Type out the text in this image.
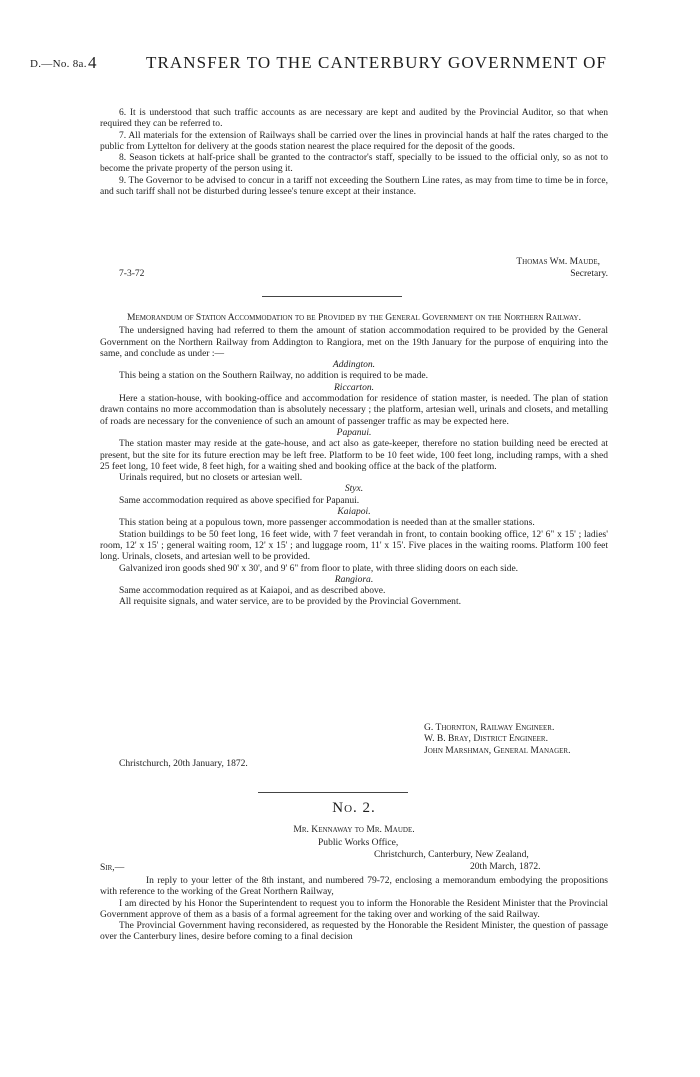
D.—No. 8a. 4	TRANSFER TO THE CANTERBURY GOVERNMENT OF

6. It is understood that such traffic accounts as are necessary are kept and audited by the Provincial Auditor, so that when required they can be referred to.

7. All materials for the extension of Railways shall be carried over the lines in provincial hands at half the rates charged to the public from Lyttelton for delivery at the goods station nearest the place required for the deposit of the goods.

8. Season tickets at half-price shall be granted to the contractor's staff, specially to be issued to the official only, so as not to become the private property of the person using it.

9. The Governor to be advised to concur in a tariff not exceeding the Southern Line rates, as may from time to time be in force, and such tariff shall not be disturbed during lessee's tenure except at their instance.

Thomas Wm. Maude,
7-3-72	Secretary.

Memorandum of Station Accommodation to be Provided by the General Government on the Northern Railway.

The undersigned having had referred to them the amount of station accommodation required to be provided by the General Government on the Northern Railway from Addington to Rangiora, met on the 19th January for the purpose of enquiring into the same, and conclude as under :—

Addington.

This being a station on the Southern Railway, no addition is required to be made.

Riccarton.

Here a station-house, with booking-office and accommodation for residence of station master, is needed. The plan of station drawn contains no more accommodation than is absolutely necessary ; the platform, artesian well, urinals and closets, and metalling of roads are necessary for the convenience of such an amount of passenger traffic as may be expected here.

Papanui.

The station master may reside at the gate-house, and act also as gate-keeper, therefore no station building need be erected at present, but the site for its future erection may be left free. Platform to be 10 feet wide, 100 feet long, including ramps, with a shed 25 feet long, 10 feet wide, 8 feet high, for a waiting shed and booking office at the back of the platform.

Urinals required, but no closets or artesian well.

Styx.

Same accommodation required as above specified for Papanui.

Kaiapoi.

This station being at a populous town, more passenger accommodation is needed than at the smaller stations.

Station buildings to be 50 feet long, 16 feet wide, with 7 feet verandah in front, to contain booking office, 12' 6" x 15' ; ladies' room, 12' x 15' ; general waiting room, 12' x 15' ; and luggage room, 11' x 15'. Five places in the waiting rooms. Platform 100 feet long. Urinals, closets, and artesian well to be provided.

Galvanized iron goods shed 90' x 30', and 9' 6" from floor to plate, with three sliding doors on each side.

Rangiora.

Same accommodation required as at Kaiapoi, and as described above.

All requisite signals, and water service, are to be provided by the Provincial Government.

G. Thornton, Railway Engineer.
W. B. Bray, District Engineer.
John Marshman, General Manager.
Christchurch, 20th January, 1872.
No. 2.
Mr. Kennaway to Mr. Maude.
Public Works Office,
Christchurch, Canterbury, New Zealand,
20th March, 1872.
Sir,—

In reply to your letter of the 8th instant, and numbered 79-72, enclosing a memorandum embodying the propositions with reference to the working of the Great Northern Railway,

I am directed by his Honor the Superintendent to request you to inform the Honorable the Resident Minister that the Provincial Government approve of them as a basis of a formal agreement for the taking over and working of the said Railway.

The Provincial Government having reconsidered, as requested by the Honorable the Resident Minister, the question of passage over the Canterbury lines, desire before coming to a final decision
